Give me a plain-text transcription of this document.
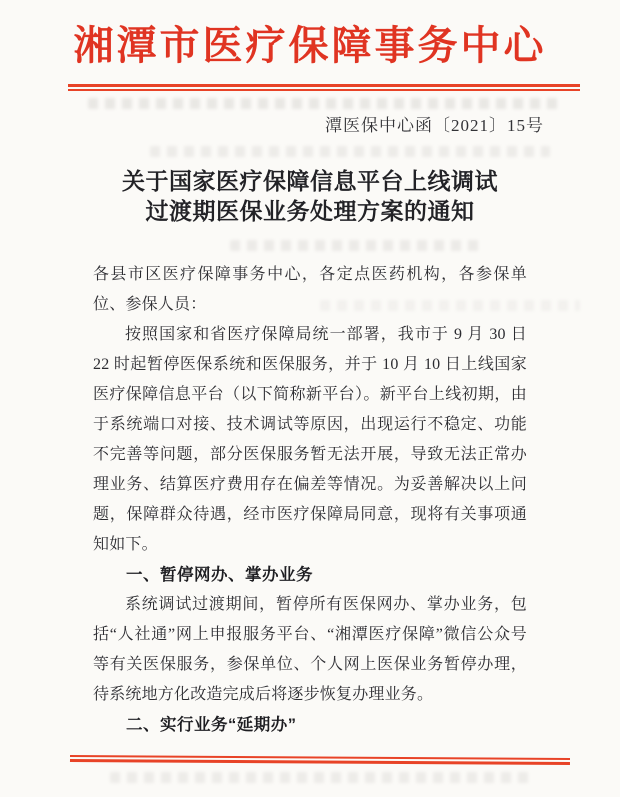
湘潭市医疗保障事务中心
潭医保中心函〔2021〕15号
关于国家医疗保障信息平台上线调试
过渡期医保业务处理方案的通知

各县市区医疗保障事务中心，各定点医药机构，各参保单位、参保人员：

按照国家和省医疗保障局统一部署，我市于 9 月 30 日 22 时起暂停医保系统和医保服务，并于 10 月 10 日上线国家医疗保障信息平台（以下简称新平台）。新平台上线初期，由于系统端口对接、技术调试等原因，出现运行不稳定、功能不完善等问题，部分医保服务暂无法开展，导致无法正常办理业务、结算医疗费用存在偏差等情况。为妥善解决以上问题，保障群众待遇，经市医疗保障局同意，现将有关事项通知如下。

一、暂停网办、掌办业务

系统调试过渡期间，暂停所有医保网办、掌办业务，包括“人社通”网上申报服务平台、“湘潭医疗保障”微信公众号等有关医保服务，参保单位、个人网上医保业务暂停办理，待系统地方化改造完成后将逐步恢复办理业务。

二、实行业务“延期办”
